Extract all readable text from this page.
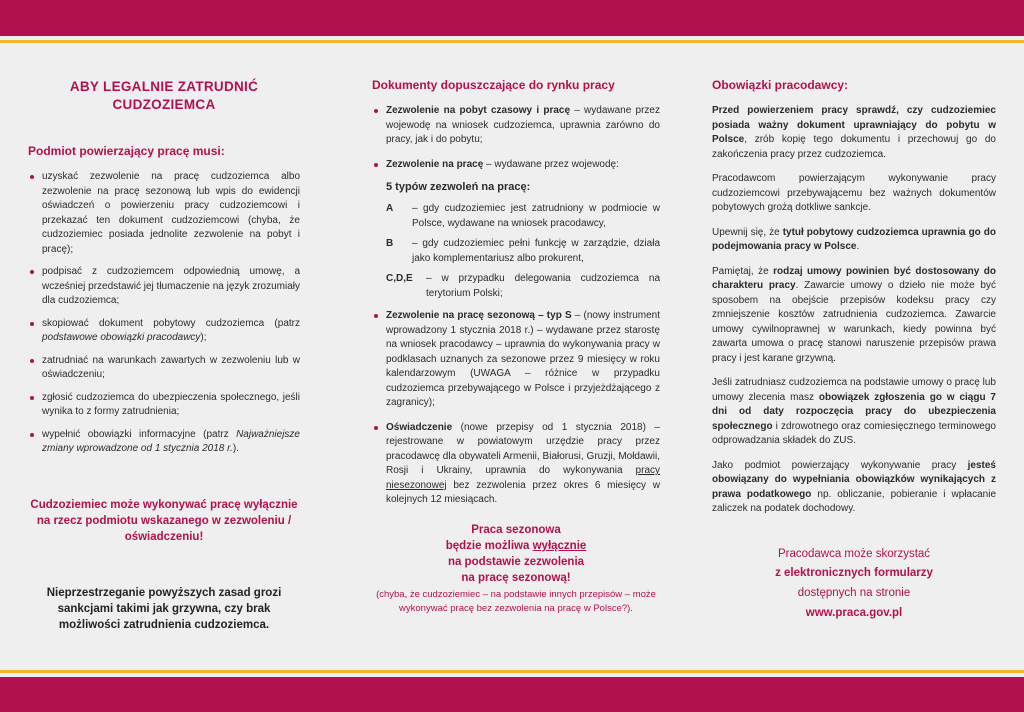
ABY LEGALNIE ZATRUDNIĆ
CUDZOZIEMCA
Podmiot powierzający pracę musi:
uzyskać zezwolenie na pracę cudzoziemca albo zezwolenie na pracę sezonową lub wpis do ewidencji oświadczeń o powierzeniu pracy cudzoziemcowi i przekazać ten dokument cudzoziemcowi (chyba, że cudzoziemiec posiada jednolite zezwolenie na pobyt i pracę);
podpisać z cudzoziemcem odpowiednią umowę, a wcześniej przedstawić jej tłumaczenie na język zrozumiały dla cudzoziemca;
skopiować dokument pobytowy cudzoziemca (patrz podstawowe obowiązki pracodawcy);
zatrudniać na warunkach zawartych w zezwoleniu lub w oświadczeniu;
zgłosić cudzoziemca do ubezpieczenia społecznego, jeśli wynika to z formy zatrudnienia;
wypełnić obowiązki informacyjne (patrz Najważniejsze zmiany wprowadzone od 1 stycznia 2018 r.).
Cudzoziemiec może wykonywać pracę wyłącznie na rzecz podmiotu wskazanego w zezwoleniu / oświadczeniu!
Nieprzestrzeganie powyższych zasad grozi sankcjami takimi jak grzywna, czy brak możliwości zatrudnienia cudzoziemca.
Dokumenty dopuszczające do rynku pracy
Zezwolenie na pobyt czasowy i pracę – wydawane przez wojewodę na wniosek cudzoziemca, uprawnia zarówno do pracy, jak i do pobytu;
Zezwolenie na pracę – wydawane przez wojewodę:
5 typów zezwoleń na pracę:
A	– gdy cudzoziemiec jest zatrudniony w podmiocie w Polsce, wydawane na wniosek pracodawcy,
B	– gdy cudzoziemiec pełni funkcję w zarządzie, działa jako komplementariusz albo prokurent,
C,D,E	– w przypadku delegowania cudzoziemca na terytorium Polski;
Zezwolenie na pracę sezonową – typ S – (nowy instrument wprowadzony 1 stycznia 2018 r.) – wydawane przez starostę na wniosek pracodawcy – uprawnia do wykonywania pracy w podklasach uznanych za sezonowe przez 9 miesięcy w roku kalendarzowym (UWAGA – różnice w przypadku cudzoziemca przebywającego w Polsce i przyjeżdżającego z zagranicy);
Oświadczenie (nowe przepisy od 1 stycznia 2018) – rejestrowane w powiatowym urzędzie pracy przez pracodawcę dla obywateli Armenii, Białorusi, Gruzji, Mołdawii, Rosji i Ukrainy, uprawnia do wykonywania pracy niesezonowej bez zezwolenia przez okres 6 miesięcy w kolejnych 12 miesiącach.
Praca sezonowa
będzie możliwa wyłącznie
na podstawie zezwolenia
na pracę sezonową!
(chyba, że cudzoziemiec – na podstawie innych przepisów – może wykonywać pracę bez zezwolenia na pracę w Polsce?).
Obowiązki pracodawcy:

Przed powierzeniem pracy sprawdź, czy cudzoziemiec posiada ważny dokument uprawniający do pobytu w Polsce, zrób kopię tego dokumentu i przechowuj go do zakończenia pracy przez cudzoziemca.

Pracodawcom powierzającym wykonywanie pracy cudzoziemcowi przebywającemu bez ważnych dokumentów pobytowych grożą dotkliwe sankcje.

Upewnij się, że tytuł pobytowy cudzoziemca uprawnia go do podejmowania pracy w Polsce.

Pamiętaj, że rodzaj umowy powinien być dostosowany do charakteru pracy. Zawarcie umowy o dzieło nie może być sposobem na obejście przepisów kodeksu pracy czy zmniejszenie kosztów zatrudnienia cudzoziemca. Zawarcie umowy cywilnoprawnej w warunkach, kiedy powinna być zawarta umowa o pracę stanowi naruszenie przepisów prawa pracy i jest karane grzywną.

Jeśli zatrudniasz cudzoziemca na podstawie umowy o pracę lub umowy zlecenia masz obowiązek zgłoszenia go w ciągu 7 dni od daty rozpoczęcia pracy do ubezpieczenia społecznego i zdrowotnego oraz comiesięcznego terminowego odprowadzania składek do ZUS.

Jako podmiot powierzający wykonywanie pracy jesteś obowiązany do wypełniania obowiązków wynikających z prawa podatkowego np. obliczanie, pobieranie i wpłacanie zaliczek na podatek dochodowy.

Pracodawca może skorzystać
z elektronicznych formularzy
dostępnych na stronie
www.praca.gov.pl
